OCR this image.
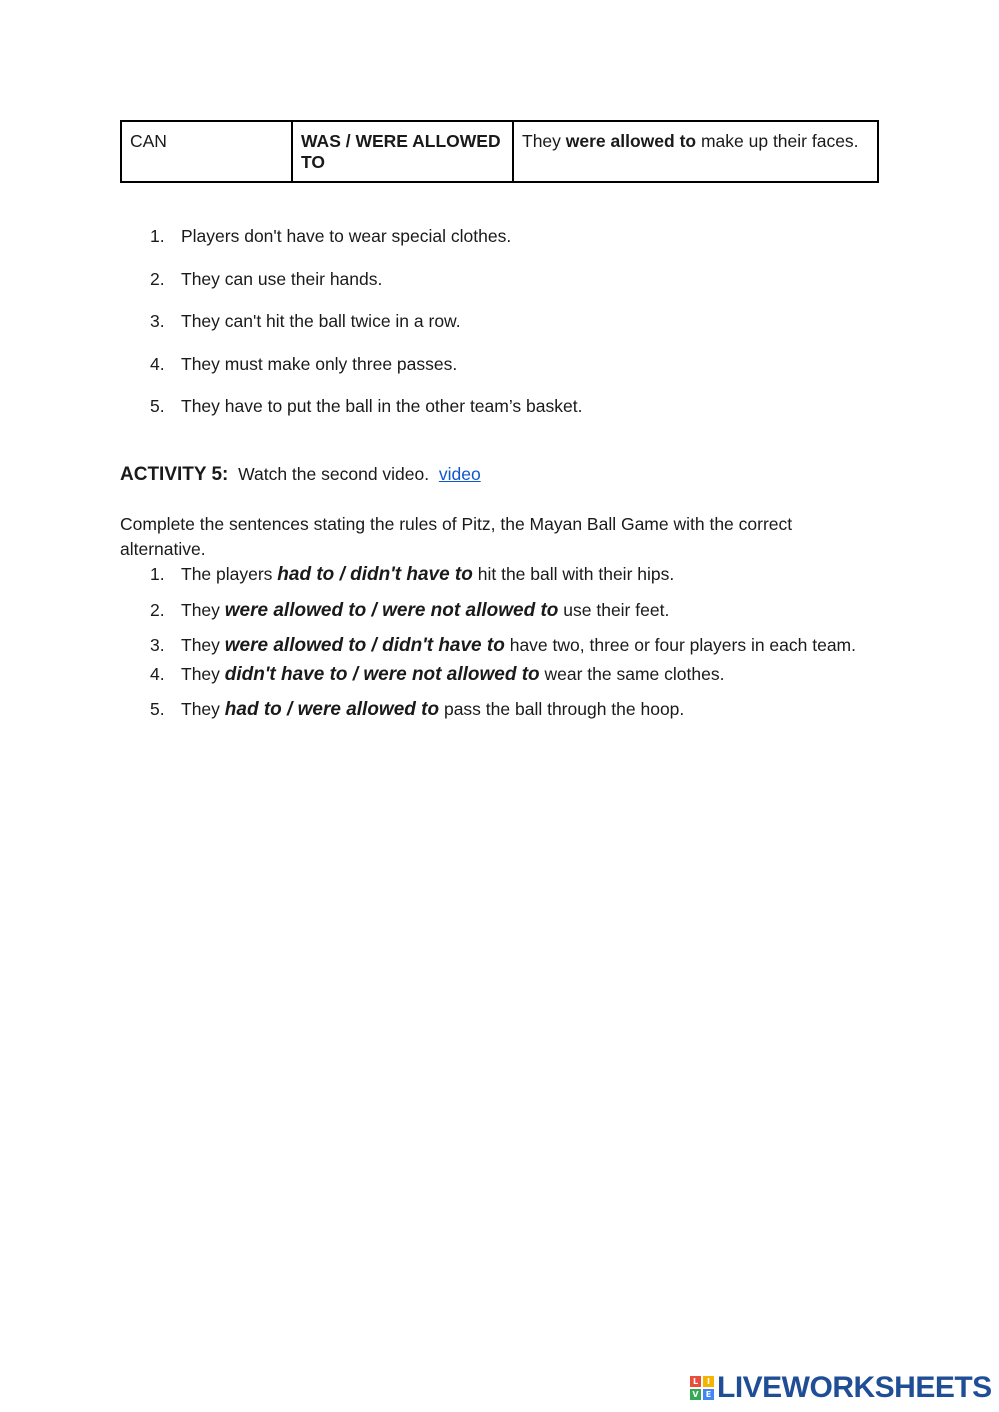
CAN	WAS / WERE ALLOWED TO	They were allowed to make up their faces.
1. Players don't have to wear special clothes.
2. They can use their hands.
3. They can't hit the ball twice in a row.
4. They must make only three passes.
5. They have to put the ball in the other team’s basket.
ACTIVITY 5: Watch the second video. video

Complete the sentences stating the rules of Pitz, the Mayan Ball Game with the correct alternative.

1. The players had to / didn't have to hit the ball with their hips.
2. They were allowed to / were not allowed to use their feet.
3. They were allowed to / didn't have to have two, three or four players in each team.
4. They didn't have to / were not allowed to wear the same clothes.
5. They had to / were allowed to pass the ball through the hoop.
L	I
V E LIVEWORKSHEETS
